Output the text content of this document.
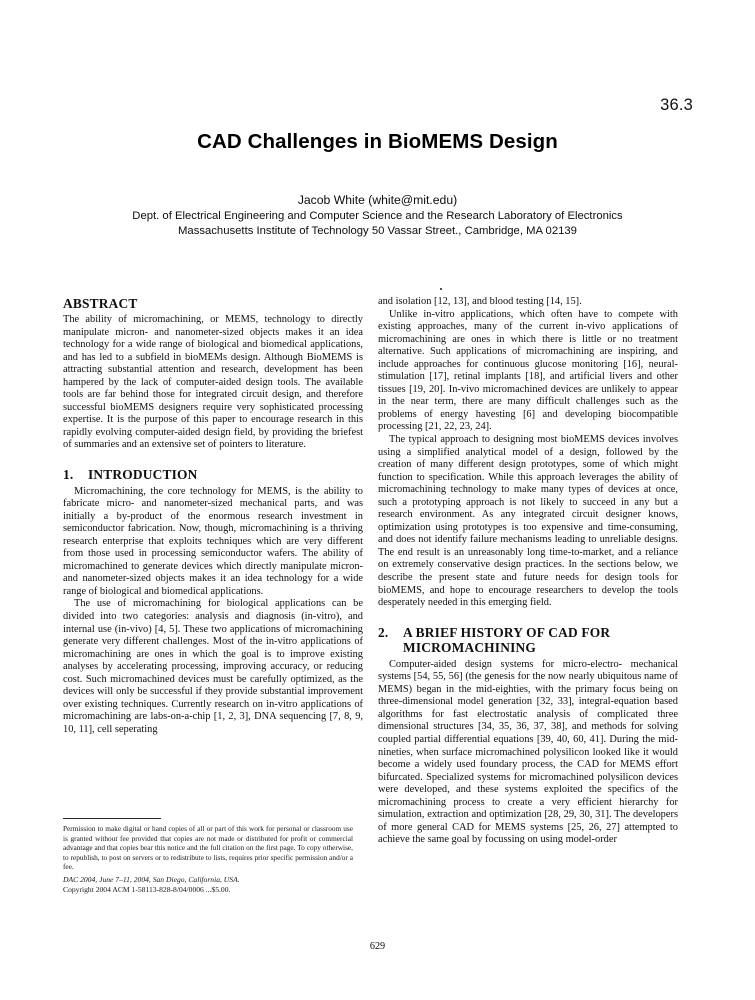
36.3
CAD Challenges in BioMEMS Design
Jacob White (white@mit.edu)
Dept. of Electrical Engineering and Computer Science and the Research Laboratory of Electronics
Massachusetts Institute of Technology 50 Vassar Street., Cambridge, MA 02139
ABSTRACT

The ability of micromachining, or MEMS, technology to directly manipulate micron- and nanometer-sized objects makes it an idea technology for a wide range of biological and biomedical applications, and has led to a subfield in bioMEMs design. Although BioMEMS is attracting substantial attention and research, development has been hampered by the lack of computer-aided design tools. The available tools are far behind those for integrated circuit design, and therefore successful bioMEMS designers require very sophisticated processing expertise. It is the purpose of this paper to encourage research in this rapidly evolving computer-aided design field, by providing the briefest of summaries and an extensive set of pointers to literature.

1.	INTRODUCTION

Micromachining, the core technology for MEMS, is the ability to fabricate micro- and nanometer-sized mechanical parts, and was initially a by-product of the enormous research investment in semiconductor fabrication. Now, though, micromachining is a thriving research enterprise that exploits techniques which are very different from those used in processing semiconductor wafers. The ability of micromachined to generate devices which directly manipulate micron- and nanometer-sized objects makes it an idea technology for a wide range of biological and biomedical applications.

The use of micromachining for biological applications can be divided into two categories: analysis and diagnosis (in-vitro), and internal use (in-vivo) [4, 5]. These two applications of micromachining generate very different challenges. Most of the in-vitro applications of micromachining are ones in which the goal is to improve existing analyses by accelerating processing, improving accuracy, or reducing cost. Such micromachined devices must be carefully optimized, as the devices will only be successful if they provide substantial improvement over existing techniques. Currently research on in-vitro applications of micromachining are labs-on-a-chip [1, 2, 3], DNA sequencing [7, 8, 9, 10, 11], cell seperating

and isolation [12, 13], and blood testing [14, 15].

Unlike in-vitro applications, which often have to compete with existing approaches, many of the current in-vivo applications of micromachining are ones in which there is little or no treatment alternative. Such applications of micromachining are inspiring, and include approaches for continuous glucose monitoring [16], neural-stimulation [17], retinal implants [18], and artificial livers and other tissues [19, 20]. In-vivo micromachined devices are unlikely to appear in the near term, there are many difficult challenges such as the problems of energy havesting [6] and developing biocompatible processing [21, 22, 23, 24].

The typical approach to designing most bioMEMS devices involves using a simplified analytical model of a design, followed by the creation of many different design prototypes, some of which might function to specification. While this approach leverages the ability of micromachining technology to make many types of devices at once, such a prototyping approach is not likely to succeed in any but a research environment. As any integrated circuit designer knows, optimization using prototypes is too expensive and time-consuming, and does not identify failure mechanisms leading to unreliable designs. The end result is an unreasonably long time-to-market, and a reliance on extremely conservative design practices. In the sections below, we describe the present state and future needs for design tools for bioMEMS, and hope to encourage researchers to develop the tools desperately needed in this emerging field.

2.	A BRIEF HISTORY OF CAD FOR MICROMACHINING

Computer-aided design systems for micro-electro- mechanical systems [54, 55, 56] (the genesis for the now nearly ubiquitous name of MEMS) began in the mid-eighties, with the primary focus being on three-dimensional model generation [32, 33], integral-equation based algorithms for fast electrostatic analysis of complicated three dimensional structures [34, 35, 36, 37, 38], and methods for solving coupled partial differential equations [39, 40, 60, 41]. During the mid-nineties, when surface micromachined polysilicon looked like it would become a widely used foundary process, the CAD for MEMS effort bifurcated. Specialized systems for micromachined polysilicon devices were developed, and these systems exploited the specifics of the micromachining process to create a very efficient hierarchy for simulation, extraction and optimization [28, 29, 30, 31]. The developers of more general CAD for MEMS systems [25, 26, 27] attempted to achieve the same goal by focussing on using model-order

Permission to make digital or hand copies of all or part of this work for personal or classroom use is granted without fee provided that copies are not made or distributed for profit or commercial advantage and that copies bear this notice and the full citation on the first page. To copy otherwise, to republish, to post on servers or to redistribute to lists, requires prior specific permission and/or a fee.
DAC 2004, June 7–11, 2004, San Diego, California, USA.
Copyright 2004 ACM 1-58113-828-8/04/0006 ...$5.00.
629
